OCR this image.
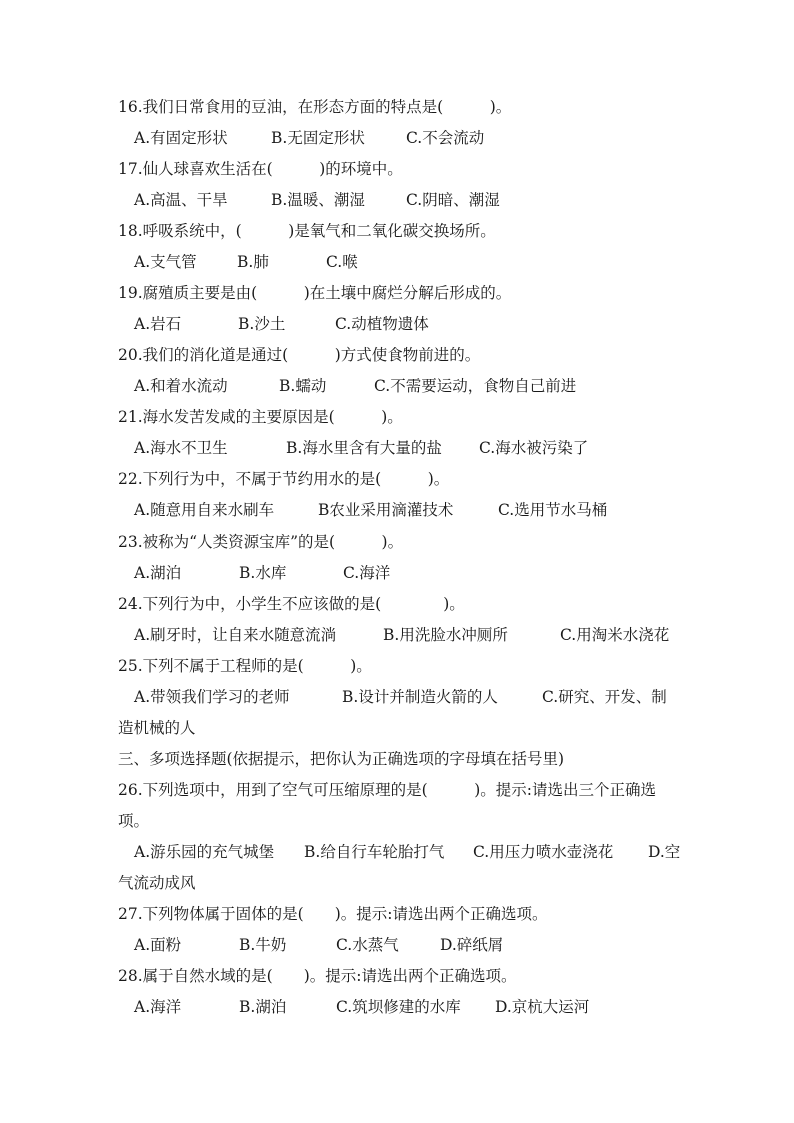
16.我们日常食用的豆油，在形态方面的特点是(　　　)。
A.有固定形状	B.无固定形状	C.不会流动
17.仙人球喜欢生活在(　　　)的环境中。
A.高温、干旱	B.温暖、潮湿	C.阴暗、潮湿
18.呼吸系统中，(　　　)是氧气和二氧化碳交换场所。
A.支气管	B.肺	C.喉
19.腐殖质主要是由(　　　)在土壤中腐烂分解后形成的。
A.岩石	B.沙土	C.动植物遗体
20.我们的消化道是通过(　　　)方式使食物前进的。
A.和着水流动	B.蠕动	C.不需要运动，食物自己前进
21.海水发苦发咸的主要原因是(　　　)。
A.海水不卫生	B.海水里含有大量的盐 C.海水被污染了
22.下列行为中，不属于节约用水的是(　　　)。
A.随意用自来水刷车	B农业采用滴灌技术	C.选用节水马桶
23.被称为“人类资源宝库”的是(　　　)。
A.湖泊	B.水库	C.海洋
24.下列行为中，小学生不应该做的是(　　　　)。
A.刷牙时，让自来水随意流淌	B.用洗脸水冲厕所	C.用淘米水浇花
25.下列不属于工程师的是(　　　)。
A.带领我们学习的老师	B.设计并制造火箭的人	C.研究、开发、制
造机械的人
三、多项选择题(依据提示，把你认为正确选项的字母填在括号里)
26.下列选项中，用到了空气可压缩原理的是(　　　)。提示:请选出三个正确选
项。
A.游乐园的充气城堡 B.给自行车轮胎打气 C.用压力喷水壶浇花 D.空
气流动成风
27.下列物体属于固体的是(　　)。提示:请选出两个正确选项。
A.面粉	B.牛奶	C.水蒸气	D.碎纸屑
28.属于自然水域的是(　　)。提示:请选出两个正确选项。
A.海洋	B.湖泊	C.筑坝修建的水库 D.京杭大运河
